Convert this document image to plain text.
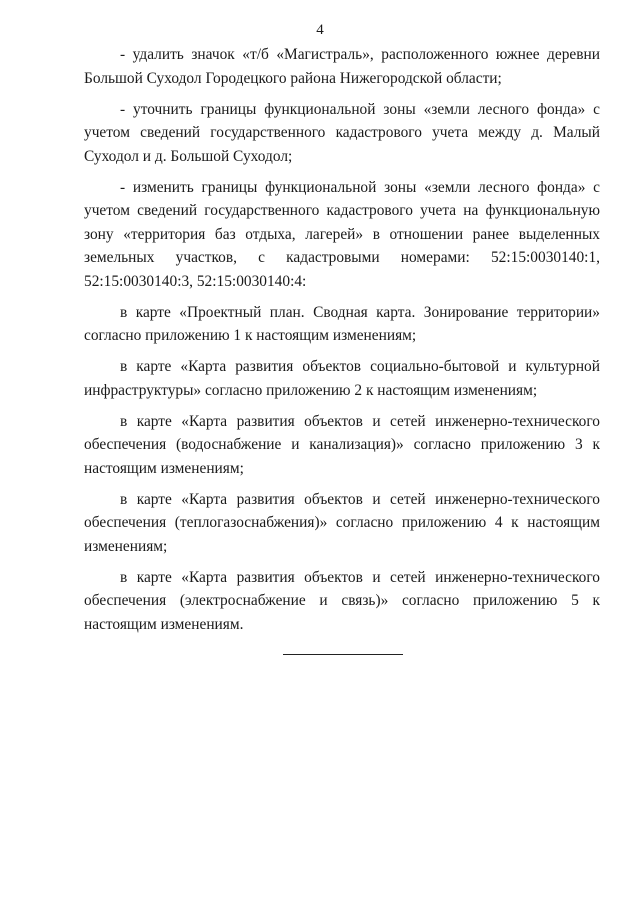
4

- удалить значок «т/б «Магистраль», расположенного южнее деревни Большой Суходол Городецкого района Нижегородской области;

- уточнить границы функциональной зоны «земли лесного фонда» с учетом сведений государственного кадастрового учета между д. Малый Суходол и д. Большой Суходол;

- изменить границы функциональной зоны «земли лесного фонда» с учетом сведений государственного кадастрового учета на функциональную зону «территория баз отдыха, лагерей» в отношении ранее выделенных земельных участков, с кадастровыми номерами: 52:15:0030140:1, 52:15:0030140:3, 52:15:0030140:4:

в карте «Проектный план. Сводная карта. Зонирование территории» согласно приложению 1 к настоящим изменениям;

в карте «Карта развития объектов социально-бытовой и культурной инфраструктуры» согласно приложению 2 к настоящим изменениям;

в карте «Карта развития объектов и сетей инженерно-технического обеспечения (водоснабжение и канализация)» согласно приложению 3 к настоящим изменениям;

в карте «Карта развития объектов и сетей инженерно-технического обеспечения (теплогазоснабжения)» согласно приложению 4 к настоящим изменениям;

в карте «Карта развития объектов и сетей инженерно-технического обеспечения (электроснабжение и связь)» согласно приложению 5 к настоящим изменениям.
